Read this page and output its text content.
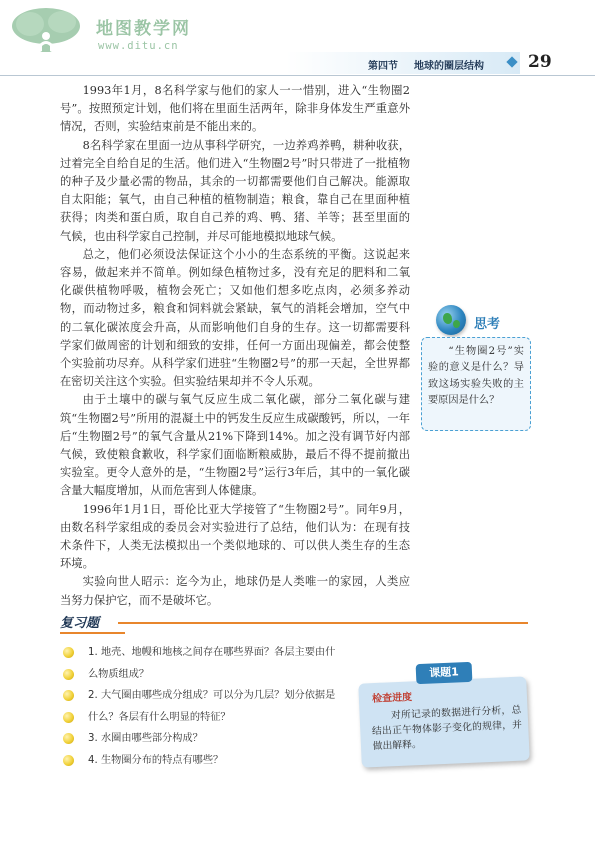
地图教学网
www.ditu.cn
第四节 地球的圈层结构	29

1993年1月，8名科学家与他们的家人一一惜别，进入“生物圈2号”。按照预定计划，他们将在里面生活两年，除非身体发生严重意外情况，否则，实验结束前是不能出来的。

8名科学家在里面一边从事科学研究，一边养鸡养鸭，耕种收获，过着完全自给自足的生活。他们进入“生物圈2号”时只带进了一批植物的种子及少量必需的物品，其余的一切都需要他们自己解决。能源取自太阳能；氧气，由自己种植的植物制造；粮食，靠自己在里面种植获得；肉类和蛋白质，取自自己养的鸡、鸭、猪、羊等；甚至里面的气候，也由科学家自己控制，并尽可能地模拟地球气候。

总之，他们必须设法保证这个小小的生态系统的平衡。这说起来容易，做起来并不简单。例如绿色植物过多，没有充足的肥料和二氧化碳供植物呼吸，植物会死亡；又如他们想多吃点肉，必须多养动物，而动物过多，粮食和饲料就会紧缺，氧气的消耗会增加，空气中的二氧化碳浓度会升高，从而影响他们自身的生存。这一切都需要科学家们做周密的计划和细致的安排，任何一方面出现偏差，都会使整个实验前功尽弃。从科学家们进驻“生物圈2号”的那一天起，全世界都在密切关注这个实验。但实验结果却并不令人乐观。

由于土壤中的碳与氧气反应生成二氧化碳，部分二氧化碳与建筑“生物圈2号”所用的混凝土中的钙发生反应生成碳酸钙，所以，一年后“生物圈2号”的氧气含量从21%下降到14%。加之没有调节好内部气候，致使粮食歉收，科学家们面临断粮威胁，最后不得不提前撤出实验室。更令人意外的是，“生物圈2号”运行3年后，其中的一氧化碳含量大幅度增加，从而危害到人体健康。

1996年1月1日，哥伦比亚大学接管了“生物圈2号”。同年9月，由数名科学家组成的委员会对实验进行了总结，他们认为：在现有技术条件下，人类无法模拟出一个类似地球的、可以供人类生存的生态环境。

实验向世人昭示：迄今为止，地球仍是人类唯一的家园，人类应当努力保护它，而不是破坏它。

思考
“生物圈2号”实验的意义是什么？导致这场实验失败的主要原因是什么？
复习题
1. 地壳、地幔和地核之间存在哪些界面？各层主要由什
么物质组成？
2. 大气圈由哪些成分组成？可以分为几层？划分依据是
什么？各层有什么明显的特征？
3. 水圈由哪些部分构成？
4. 生物圈分布的特点有哪些？
课题1
检查进度
对所记录的数据进行分析，总结出正午物体影子变化的规律，并做出解释。
